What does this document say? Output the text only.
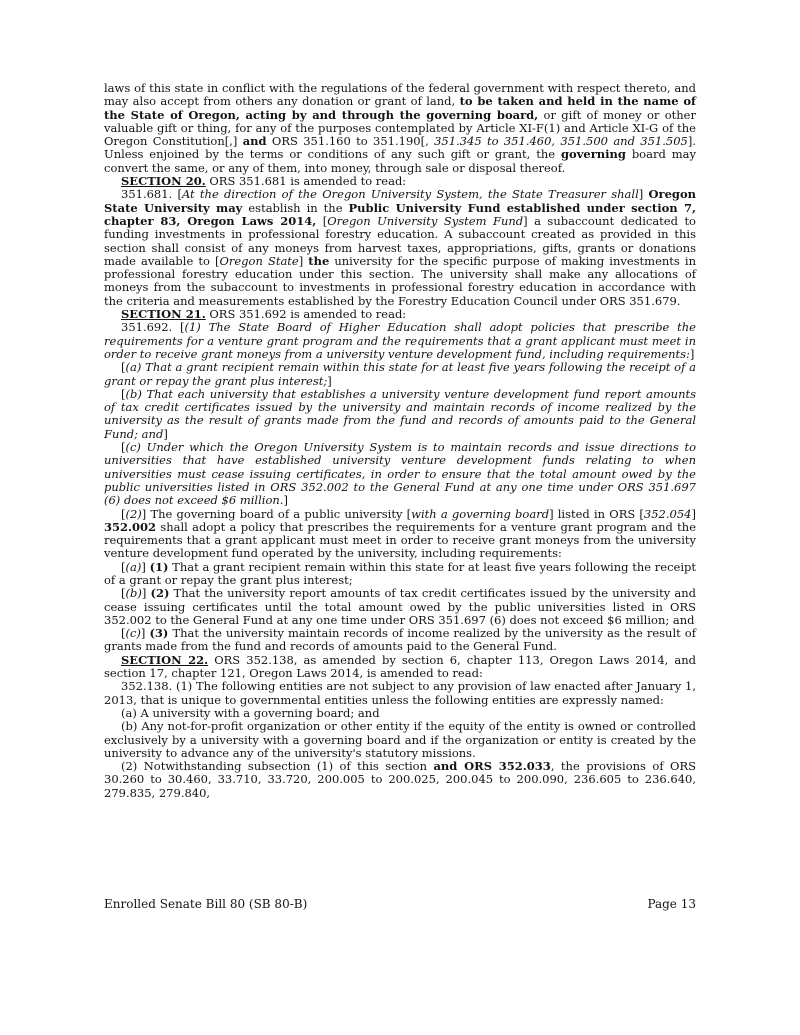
laws of this state in conflict with the regulations of the federal government with respect thereto, and may also accept from others any donation or grant of land, to be taken and held in the name of the State of Oregon, acting by and through the governing board, or gift of money or other valuable gift or thing, for any of the purposes contemplated by Article XI-F(1) and Article XI-G of the Oregon Constitution[,] and ORS 351.160 to 351.190[, 351.345 to 351.460, 351.500 and 351.505]. Unless enjoined by the terms or conditions of any such gift or grant, the governing board may convert the same, or any of them, into money, through sale or disposal thereof.

SECTION 20. ORS 351.681 is amended to read:

351.681. [At the direction of the Oregon University System, the State Treasurer shall] Oregon State University may establish in the Public University Fund established under section 7, chapter 83, Oregon Laws 2014, [Oregon University System Fund] a subaccount dedicated to funding investments in professional forestry education. A subaccount created as provided in this section shall consist of any moneys from harvest taxes, appropriations, gifts, grants or donations made available to [Oregon State] the university for the specific purpose of making investments in professional forestry education under this section. The university shall make any allocations of moneys from the subaccount to investments in professional forestry education in accordance with the criteria and measurements established by the Forestry Education Council under ORS 351.679.

SECTION 21. ORS 351.692 is amended to read:

351.692. [(1) The State Board of Higher Education shall adopt policies that prescribe the requirements for a venture grant program and the requirements that a grant applicant must meet in order to receive grant moneys from a university venture development fund, including requirements:]

[(a) That a grant recipient remain within this state for at least five years following the receipt of a grant or repay the grant plus interest;]

[(b) That each university that establishes a university venture development fund report amounts of tax credit certificates issued by the university and maintain records of income realized by the university as the result of grants made from the fund and records of amounts paid to the General Fund; and]

[(c) Under which the Oregon University System is to maintain records and issue directions to universities that have established university venture development funds relating to when universities must cease issuing certificates, in order to ensure that the total amount owed by the public universities listed in ORS 352.002 to the General Fund at any one time under ORS 351.697 (6) does not exceed $6 million.]

[(2)] The governing board of a public university [with a governing board] listed in ORS [352.054] 352.002 shall adopt a policy that prescribes the requirements for a venture grant program and the requirements that a grant applicant must meet in order to receive grant moneys from the university venture development fund operated by the university, including requirements:

[(a)] (1) That a grant recipient remain within this state for at least five years following the receipt of a grant or repay the grant plus interest;

[(b)] (2) That the university report amounts of tax credit certificates issued by the university and cease issuing certificates until the total amount owed by the public universities listed in ORS 352.002 to the General Fund at any one time under ORS 351.697 (6) does not exceed $6 million; and

[(c)] (3) That the university maintain records of income realized by the university as the result of grants made from the fund and records of amounts paid to the General Fund.

SECTION 22. ORS 352.138, as amended by section 6, chapter 113, Oregon Laws 2014, and section 17, chapter 121, Oregon Laws 2014, is amended to read:

352.138. (1) The following entities are not subject to any provision of law enacted after January 1, 2013, that is unique to governmental entities unless the following entities are expressly named:

(a) A university with a governing board; and

(b) Any not-for-profit organization or other entity if the equity of the entity is owned or controlled exclusively by a university with a governing board and if the organization or entity is created by the university to advance any of the university's statutory missions.

(2) Notwithstanding subsection (1) of this section and ORS 352.033, the provisions of ORS 30.260 to 30.460, 33.710, 33.720, 200.005 to 200.025, 200.045 to 200.090, 236.605 to 236.640, 279.835, 279.840,

Enrolled Senate Bill 80 (SB 80-B)	Page 13
